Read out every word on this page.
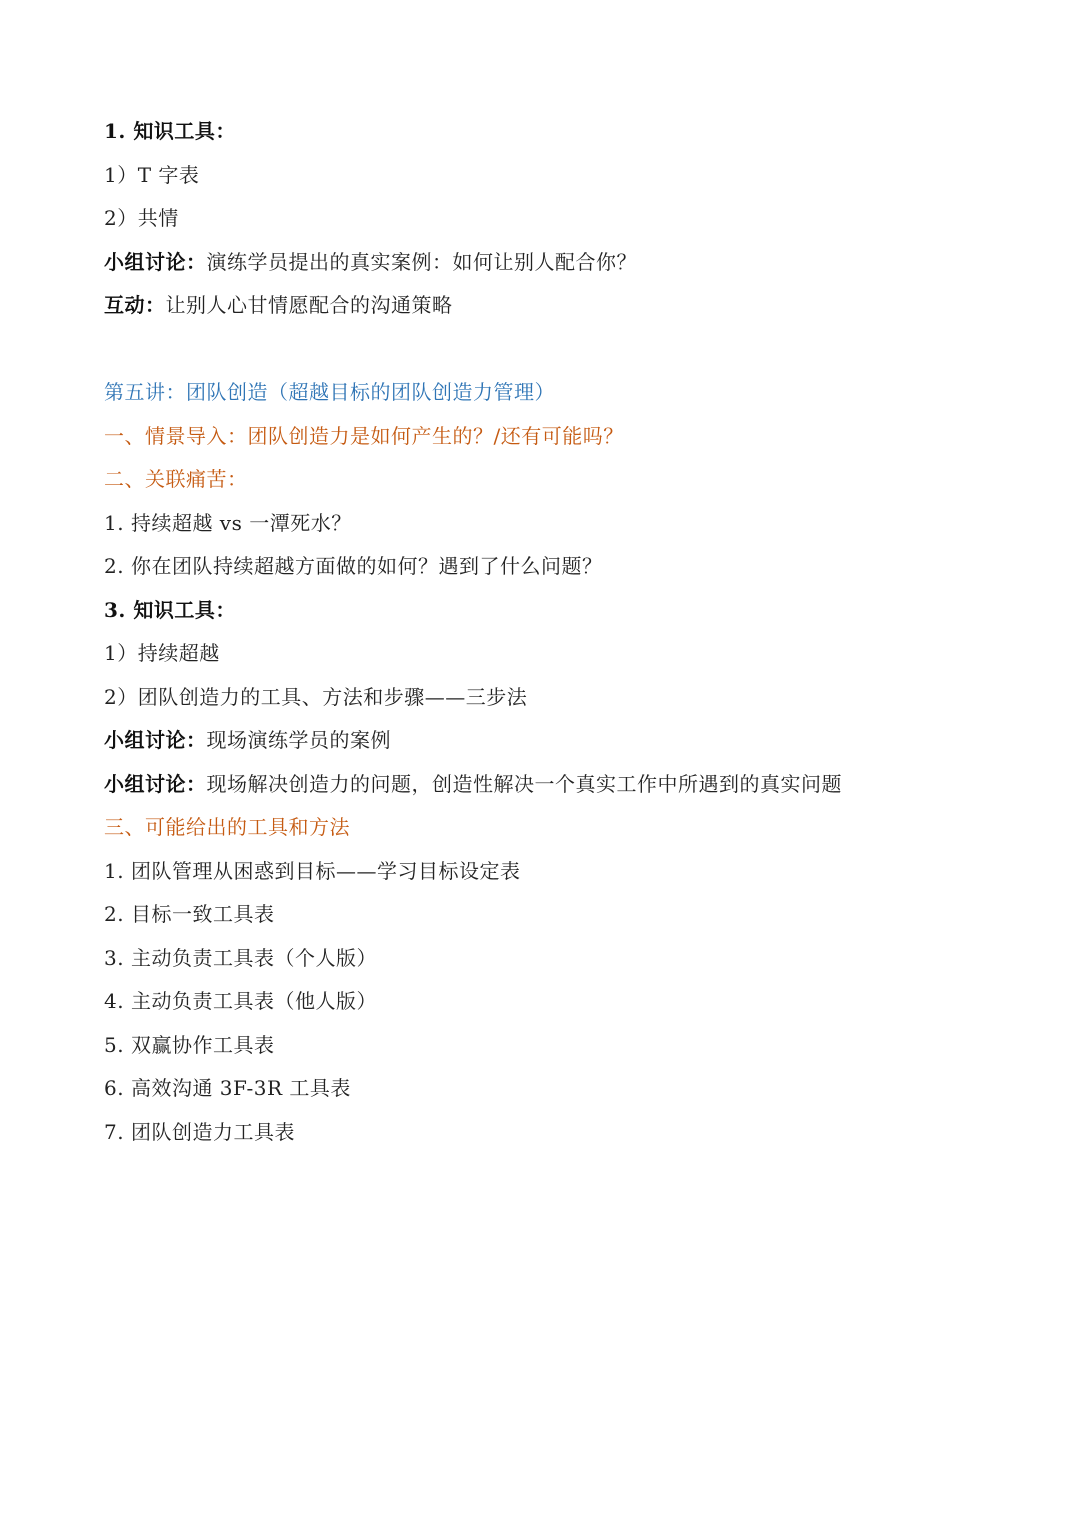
1. 知识工具：
1）T 字表
2）共情
小组讨论：演练学员提出的真实案例：如何让别人配合你？
互动：让别人心甘情愿配合的沟通策略
第五讲：团队创造（超越目标的团队创造力管理）
一、情景导入：团队创造力是如何产生的？/还有可能吗？
二、关联痛苦：
1. 持续超越 vs 一潭死水？
2. 你在团队持续超越方面做的如何？遇到了什么问题？
3. 知识工具：
1）持续超越
2）团队创造力的工具、方法和步骤——三步法
小组讨论：现场演练学员的案例
小组讨论：现场解决创造力的问题，创造性解决一个真实工作中所遇到的真实问题
三、可能给出的工具和方法
1. 团队管理从困惑到目标——学习目标设定表
2. 目标一致工具表
3. 主动负责工具表（个人版）
4. 主动负责工具表（他人版）
5. 双赢协作工具表
6. 高效沟通 3F-3R 工具表
7. 团队创造力工具表
